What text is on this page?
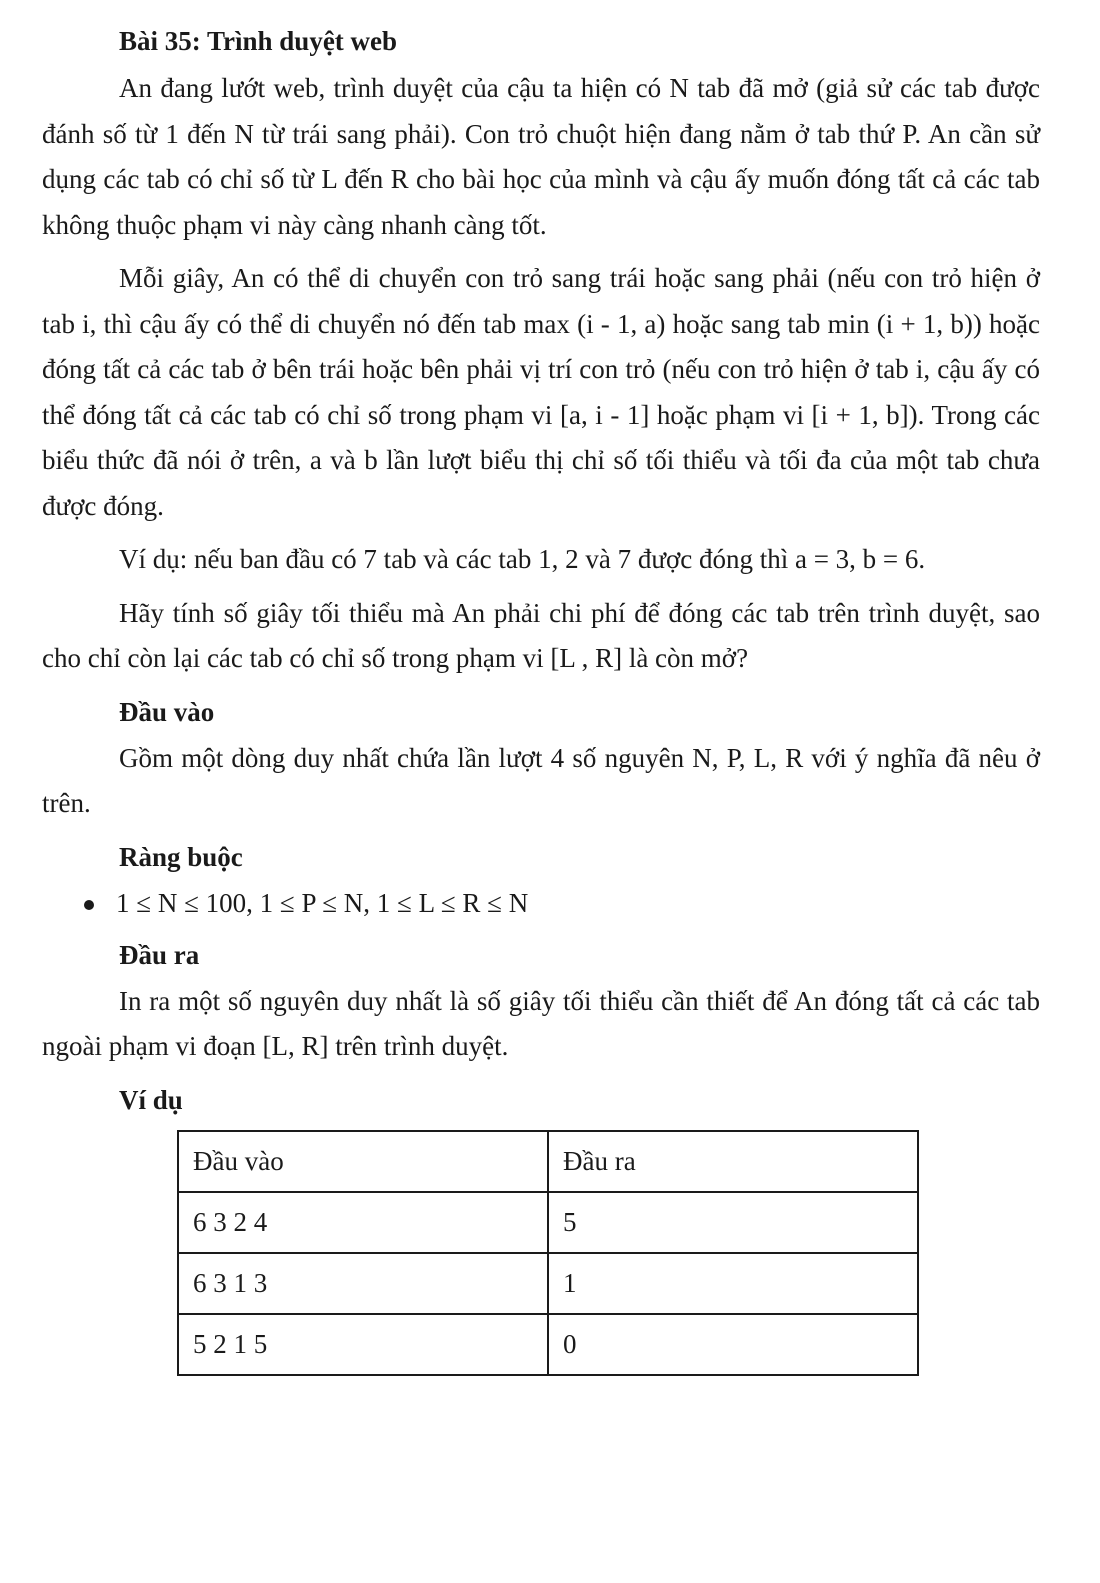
Bài 35: Trình duyệt web

An đang lướt web, trình duyệt của cậu ta hiện có N tab đã mở (giả sử các tab được đánh số từ 1 đến N từ trái sang phải). Con trỏ chuột hiện đang nằm ở tab thứ P. An cần sử dụng các tab có chỉ số từ L đến R cho bài học của mình và cậu ấy muốn đóng tất cả các tab không thuộc phạm vi này càng nhanh càng tốt.

Mỗi giây, An có thể di chuyển con trỏ sang trái hoặc sang phải (nếu con trỏ hiện ở tab i, thì cậu ấy có thể di chuyển nó đến tab max (i - 1, a) hoặc sang tab min (i + 1, b)) hoặc đóng tất cả các tab ở bên trái hoặc bên phải vị trí con trỏ (nếu con trỏ hiện ở tab i, cậu ấy có thể đóng tất cả các tab có chỉ số trong phạm vi [a, i - 1] hoặc phạm vi [i + 1, b]). Trong các biểu thức đã nói ở trên, a và b lần lượt biểu thị chỉ số tối thiểu và tối đa của một tab chưa được đóng.

Ví dụ: nếu ban đầu có 7 tab và các tab 1, 2 và 7 được đóng thì a = 3, b = 6.

Hãy tính số giây tối thiểu mà An phải chi phí để đóng các tab trên trình duyệt, sao cho chỉ còn lại các tab có chỉ số trong phạm vi [L , R] là còn mở?

Đầu vào

Gồm một dòng duy nhất chứa lần lượt 4 số nguyên N, P, L, R với ý nghĩa đã nêu ở trên.

Ràng buộc
1 ≤ N ≤ 100, 1 ≤ P ≤ N, 1 ≤ L ≤ R ≤ N
Đầu ra

In ra một số nguyên duy nhất là số giây tối thiểu cần thiết để An đóng tất cả các tab ngoài phạm vi đoạn [L, R] trên trình duyệt.

Ví dụ
Đầu vào	Đầu ra
6 3 2 4	5
6 3 1 3	1
5 2 1 5	0
